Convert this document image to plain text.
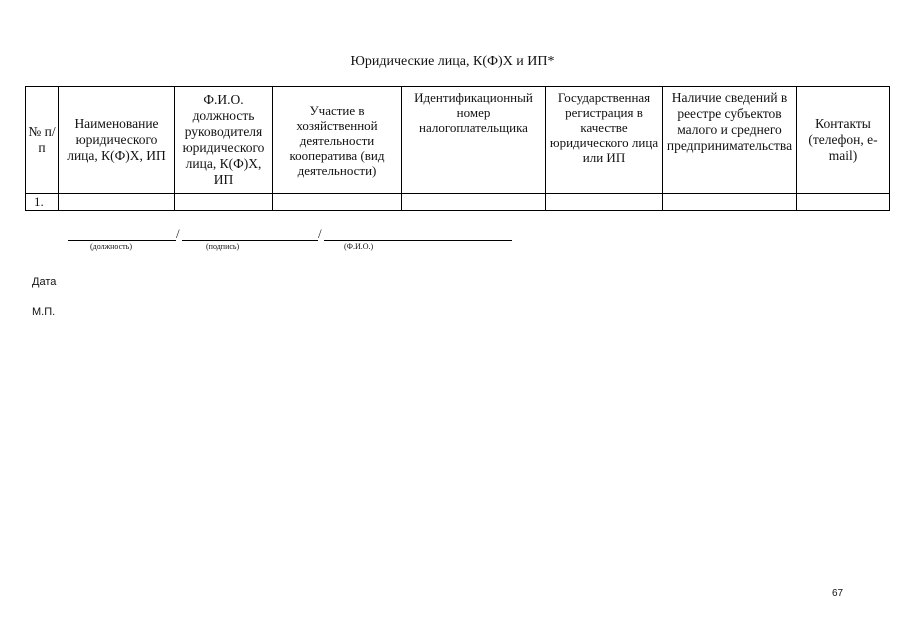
Юридические лица, К(Ф)Х и ИП*
№ п/п	Наименование юридического лица, К(Ф)Х, ИП	Ф.И.О. должность руководителя юридического лица, К(Ф)Х, ИП	Участие в хозяйственной деятельности кооператива (вид деятельности)	Идентификационный номер налогоплательщика	Государственная регистрация в качестве юридического лица или ИП	Наличие сведений в реестре субъектов малого и среднего предпринимательства	Контакты (телефон, e-mail)
1.							
/	/
(должность)	(подпись)	(Ф.И.О.)
Дата
М.П.
67
